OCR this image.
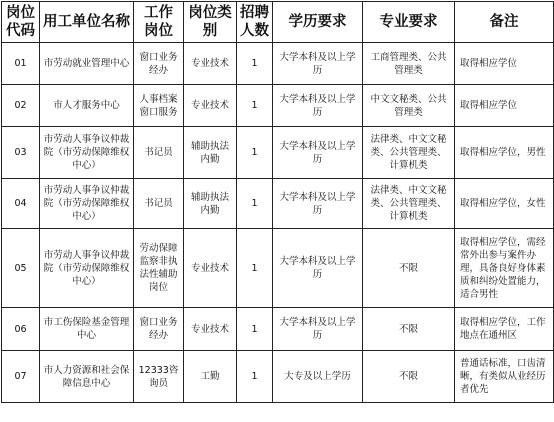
岗位代码	用工单位名称	工作岗位	岗位类别	招聘人数	学历要求	专业要求	备注
01	市劳动就业管理中心	窗口业务经办	专业技术	1	大学本科及以上学历	工商管理类、公共管理类	取得相应学位
02	市人才服务中心	人事档案窗口服务	专业技术	1	大学本科及以上学历	中文文秘类、公共管理类	取得相应学位
03	市劳动人事争议仲裁院（市劳动保障维权中心）	书记员	辅助执法内勤	1	大学本科及以上学历	法律类、中文文秘类、公共管理类、计算机类	取得相应学位，男性
04	市劳动人事争议仲裁院（市劳动保障维权中心）	书记员	辅助执法内勤	1	大学本科及以上学历	法律类、中文文秘类、公共管理类、计算机类	取得相应学位，女性
05	市劳动人事争议仲裁院（市劳动保障维权中心）	劳动保障监察非执法性辅助岗位	专业技术	1	大学本科及以上学历	不限	取得相应学位，需经常外出参与案件办理，具备良好身体素质和纠纷处置能力，适合男性
06	市工伤保险基金管理中心	窗口业务经办	专业技术	1	大学本科及以上学历	不限	取得相应学位，工作地点在通州区
07	市人力资源和社会保障信息中心	12333咨询员	工勤	1	大专及以上学历	不限	普通话标准，口齿清晰，有类似从业经历者优先
